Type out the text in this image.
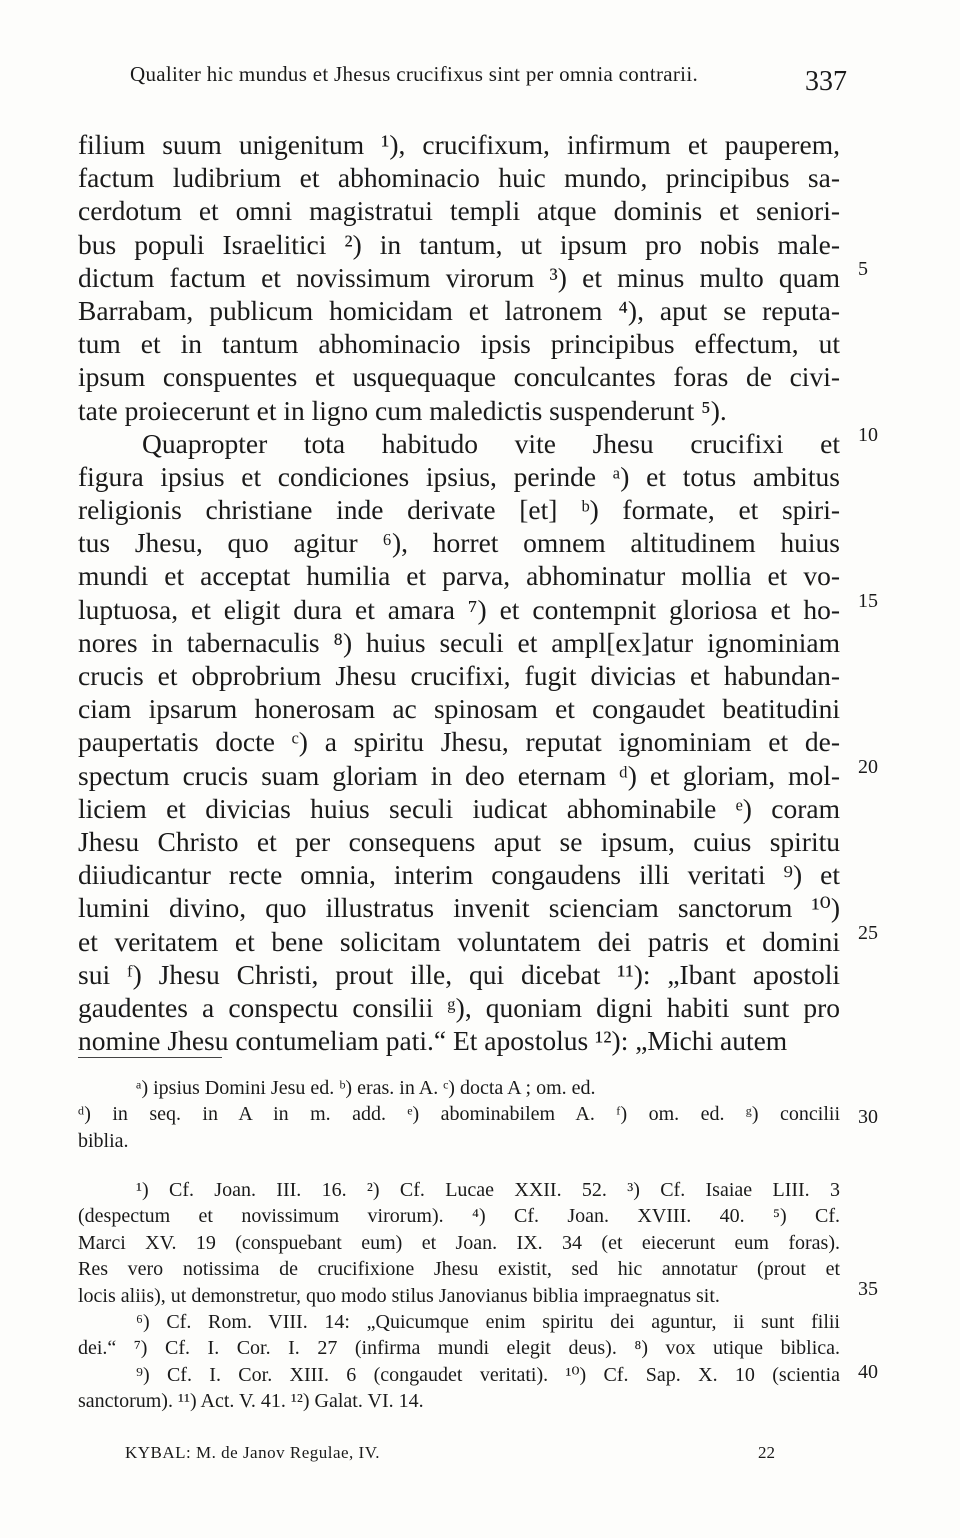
Qualiter hic mundus et Jhesus crucifixus sint per omnia contrarii.	337
filium suum unigenitum ¹), crucifixum, infirmum et pauperem,
factum ludibrium et abhominacio huic mundo, principibus sa-
cerdotum et omni magistratui templi atque dominis et seniori-
bus populi Israelitici ²) in tantum, ut ipsum pro nobis male-
dictum factum et novissimum virorum ³) et minus multo quam
Barrabam, publicum homicidam et latronem ⁴), aput se reputa-
tum et in tantum abhominacio ipsis principibus effectum, ut
ipsum conspuentes et usquequaque conculcantes foras de civi-
tate proiecerunt et in ligno cum maledictis suspenderunt ⁵).
Quapropter tota habitudo vite Jhesu crucifixi et
figura ipsius et condiciones ipsius, perinde ᵃ) et totus ambitus
religionis christiane inde derivate [et] ᵇ) formate, et spiri-
tus Jhesu, quo agitur ⁶), horret omnem altitudinem huius
mundi et acceptat humilia et parva, abhominatur mollia et vo-
luptuosa, et eligit dura et amara ⁷) et contempnit gloriosa et ho-
nores in tabernaculis ⁸) huius seculi et ampl[ex]atur ignominiam
crucis et obprobrium Jhesu crucifixi, fugit divicias et habundan-
ciam ipsarum honerosam ac spinosam et congaudet beatitudini
paupertatis docte ᶜ) a spiritu Jhesu, reputat ignominiam et de-
spectum crucis suam gloriam in deo eternam ᵈ) et gloriam, mol-
liciem et divicias huius seculi iudicat abhominabile ᵉ) coram
Jhesu Christo et per consequens aput se ipsum, cuius spiritu
diiudicantur recte omnia, interim congaudens illi veritati ⁹) et
lumini divino, quo illustratus invenit scienciam sanctorum ¹⁰)
et veritatem et bene solicitam voluntatem dei patris et domini
sui ᶠ) Jhesu Christi, prout ille, qui dicebat ¹¹): „Ibant apostoli
gaudentes a conspectu consilii ᵍ), quoniam digni habiti sunt pro
nomine Jhesu contumeliam pati.“ Et apostolus ¹²): „Michi autem
5
10
15
20
25
30
35
40
ᵃ) ipsius Domini Jesu ed. ᵇ) eras. in A. ᶜ) docta A ; om. ed.
ᵈ) in seq. in A in m. add. ᵉ) abominabilem A. ᶠ) om. ed. ᵍ) concilii
biblia.
¹) Cf. Joan. III. 16. ²) Cf. Lucae XXII. 52. ³) Cf. Isaiae LIII. 3
(despectum et novissimum virorum). ⁴) Cf. Joan. XVIII. 40. ⁵) Cf.
Marci XV. 19 (conspuebant eum) et Joan. IX. 34 (et eiecerunt eum foras).
Res vero notissima de crucifixione Jhesu existit, sed hic annotatur (prout et
locis aliis), ut demonstretur, quo modo stilus Janovianus biblia impraegnatus sit.
⁶) Cf. Rom. VIII. 14: „Quicumque enim spiritu dei aguntur, ii sunt filii
dei.“ ⁷) Cf. I. Cor. I. 27 (infirma mundi elegit deus). ⁸) vox utique biblica.
⁹) Cf. I. Cor. XIII. 6 (congaudet veritati). ¹⁰) Cf. Sap. X. 10 (scientia
sanctorum). ¹¹) Act. V. 41. ¹²) Galat. VI. 14.
KYBAL: M. de Janov Regulae, IV.	22
